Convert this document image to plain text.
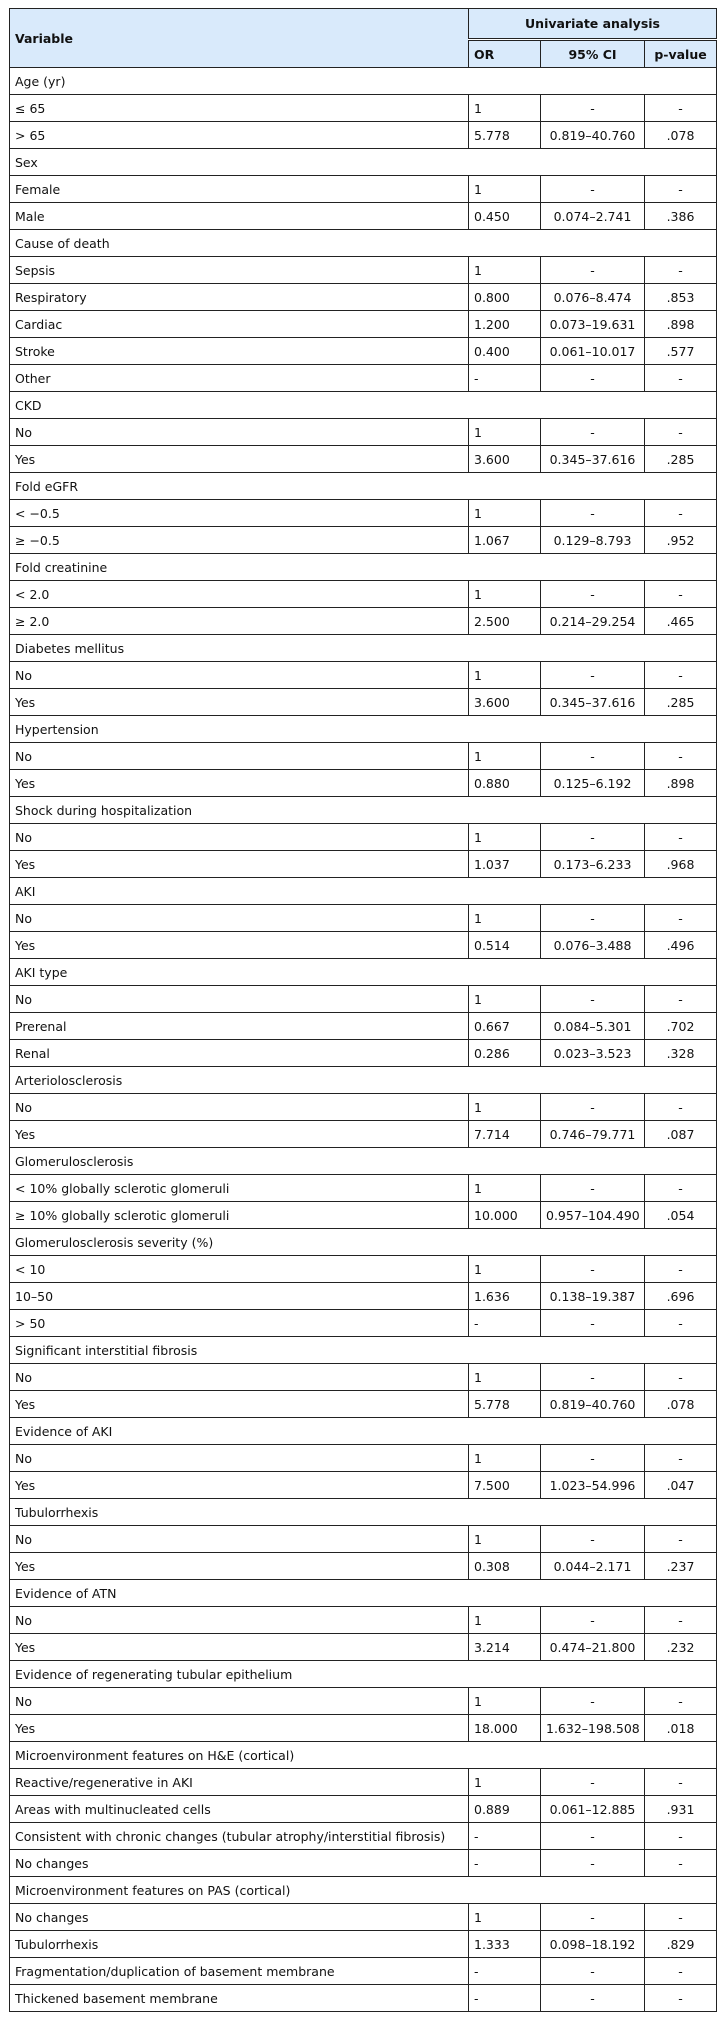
Variable	Univariate analysis		
	OR	95% CI	p-value
Age (yr)			
≤ 65	1	-	-
> 65	5.778	0.819–40.760	.078
Sex			
Female	1	-	-
Male	0.450	0.074–2.741	.386
Cause of death			
Sepsis	1	-	-
Respiratory	0.800	0.076–8.474	.853
Cardiac	1.200	0.073–19.631	.898
Stroke	0.400	0.061–10.017	.577
Other	-	-	-
CKD			
No	1	-	-
Yes	3.600	0.345–37.616	.285
Fold eGFR			
< −0.5	1	-	-
≥ −0.5	1.067	0.129–8.793	.952
Fold creatinine			
< 2.0	1	-	-
≥ 2.0	2.500	0.214–29.254	.465
Diabetes mellitus			
No	1	-	-
Yes	3.600	0.345–37.616	.285
Hypertension			
No	1	-	-
Yes	0.880	0.125–6.192	.898
Shock during hospitalization			
No	1	-	-
Yes	1.037	0.173–6.233	.968
AKI			
No	1	-	-
Yes	0.514	0.076–3.488	.496
AKI type			
No	1	-	-
Prerenal	0.667	0.084–5.301	.702
Renal	0.286	0.023–3.523	.328
Arteriolosclerosis			
No	1	-	-
Yes	7.714	0.746–79.771	.087
Glomerulosclerosis			
< 10% globally sclerotic glomeruli	1	-	-
≥ 10% globally sclerotic glomeruli	10.000	0.957–104.490	.054
Glomerulosclerosis severity (%)			
< 10	1	-	-
10–50	1.636	0.138–19.387	.696
> 50	-	-	-
Significant interstitial fibrosis			
No	1	-	-
Yes	5.778	0.819–40.760	.078
Evidence of AKI			
No	1	-	-
Yes	7.500	1.023–54.996	.047
Tubulorrhexis			
No	1	-	-
Yes	0.308	0.044–2.171	.237
Evidence of ATN			
No	1	-	-
Yes	3.214	0.474–21.800	.232
Evidence of regenerating tubular epithelium			
No	1	-	-
Yes	18.000	1.632–198.508	.018
Microenvironment features on H&E (cortical)			
Reactive/regenerative in AKI	1	-	-
Areas with multinucleated cells	0.889	0.061–12.885	.931
Consistent with chronic changes (tubular atrophy/interstitial fibrosis)	-	-	-
No changes	-	-	-
Microenvironment features on PAS (cortical)			
No changes	1	-	-
Tubulorrhexis	1.333	0.098–18.192	.829
Fragmentation/duplication of basement membrane	-	-	-
Thickened basement membrane	-	-	-
